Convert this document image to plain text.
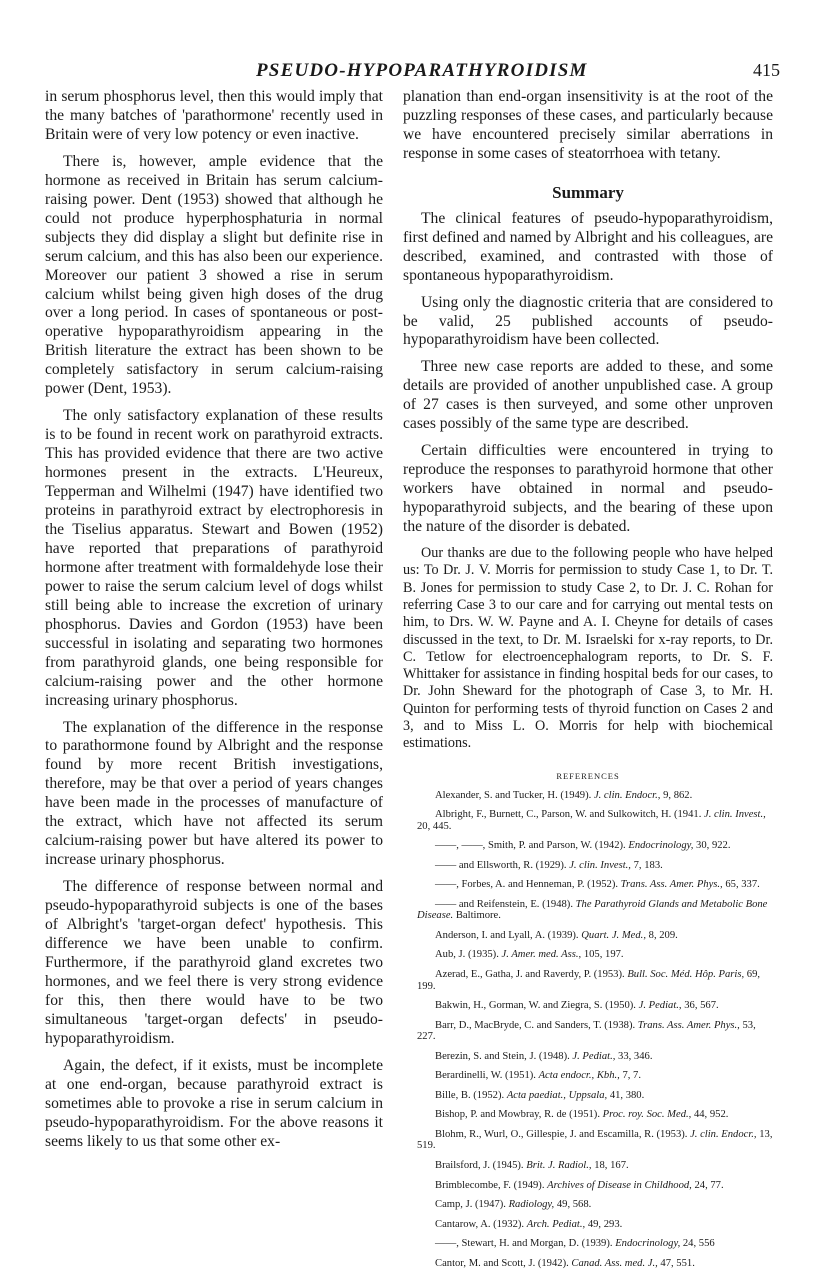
PSEUDO-HYPOPARATHYROIDISM	415

in serum phosphorus level, then this would imply that the many batches of 'parathormone' recently used in Britain were of very low potency or even inactive.

There is, however, ample evidence that the hormone as received in Britain has serum calcium-raising power. Dent (1953) showed that although he could not produce hyperphosphaturia in normal subjects they did display a slight but definite rise in serum calcium, and this has also been our experience. Moreover our patient 3 showed a rise in serum calcium whilst being given high doses of the drug over a long period. In cases of spontaneous or post-operative hypoparathyroidism appearing in the British literature the extract has been shown to be completely satisfactory in serum calcium-raising power (Dent, 1953).

The only satisfactory explanation of these results is to be found in recent work on parathyroid extracts. This has provided evidence that there are two active hormones present in the extracts. L'Heureux, Tepperman and Wilhelmi (1947) have identified two proteins in parathyroid extract by electrophoresis in the Tiselius apparatus. Stewart and Bowen (1952) have reported that preparations of parathyroid hormone after treatment with formaldehyde lose their power to raise the serum calcium level of dogs whilst still being able to increase the excretion of urinary phosphorus. Davies and Gordon (1953) have been successful in isolating and separating two hormones from parathyroid glands, one being responsible for calcium-raising power and the other hormone increasing urinary phosphorus.

The explanation of the difference in the response to parathormone found by Albright and the response found by more recent British investigations, therefore, may be that over a period of years changes have been made in the processes of manufacture of the extract, which have not affected its serum calcium-raising power but have altered its power to increase urinary phosphorus.

The difference of response between normal and pseudo-hypoparathyroid subjects is one of the bases of Albright's 'target-organ defect' hypothesis. This difference we have been unable to confirm. Furthermore, if the parathyroid gland excretes two hormones, and we feel there is very strong evidence for this, then there would have to be two simultaneous 'target-organ defects' in pseudo-hypoparathyroidism.

Again, the defect, if it exists, must be incomplete at one end-organ, because parathyroid extract is sometimes able to provoke a rise in serum calcium in pseudo-hypoparathyroidism. For the above reasons it seems likely to us that some other ex-

planation than end-organ insensitivity is at the root of the puzzling responses of these cases, and particularly because we have encountered precisely similar aberrations in response in some cases of steatorrhoea with tetany.

Summary

The clinical features of pseudo-hypoparathyroidism, first defined and named by Albright and his colleagues, are described, examined, and contrasted with those of spontaneous hypoparathyroidism.

Using only the diagnostic criteria that are considered to be valid, 25 published accounts of pseudo-hypoparathyroidism have been collected.

Three new case reports are added to these, and some details are provided of another unpublished case. A group of 27 cases is then surveyed, and some other unproven cases possibly of the same type are described.

Certain difficulties were encountered in trying to reproduce the responses to parathyroid hormone that other workers have obtained in normal and pseudo-hypoparathyroid subjects, and the bearing of these upon the nature of the disorder is debated.

Our thanks are due to the following people who have helped us: To Dr. J. V. Morris for permission to study Case 1, to Dr. T. B. Jones for permission to study Case 2, to Dr. J. C. Rohan for referring Case 3 to our care and for carrying out mental tests on him, to Drs. W. W. Payne and A. I. Cheyne for details of cases discussed in the text, to Dr. M. Israelski for x-ray reports, to Dr. C. Tetlow for electroencephalogram reports, to Dr. S. F. Whittaker for assistance in finding hospital beds for our cases, to Dr. John Sheward for the photograph of Case 3, to Mr. H. Quinton for performing tests of thyroid function on Cases 2 and 3, and to Miss L. O. Morris for help with biochemical estimations.

REFERENCES

Alexander, S. and Tucker, H. (1949). J. clin. Endocr., 9, 862.

Albright, F., Burnett, C., Parson, W. and Sulkowitch, H. (1941. J. clin. Invest., 20, 445.

——, ——, Smith, P. and Parson, W. (1942). Endocrinology, 30, 922.

—— and Ellsworth, R. (1929). J. clin. Invest., 7, 183.

——, Forbes, A. and Henneman, P. (1952). Trans. Ass. Amer. Phys., 65, 337.

—— and Reifenstein, E. (1948). The Parathyroid Glands and Metabolic Bone Disease. Baltimore.

Anderson, I. and Lyall, A. (1939). Quart. J. Med., 8, 209.

Aub, J. (1935). J. Amer. med. Ass., 105, 197.

Azerad, E., Gatha, J. and Raverdy, P. (1953). Bull. Soc. Méd. Hôp. Paris, 69, 199.

Bakwin, H., Gorman, W. and Ziegra, S. (1950). J. Pediat., 36, 567.

Barr, D., MacBryde, C. and Sanders, T. (1938). Trans. Ass. Amer. Phys., 53, 227.

Berezin, S. and Stein, J. (1948). J. Pediat., 33, 346.

Berardinelli, W. (1951). Acta endocr., Kbh., 7, 7.

Bille, B. (1952). Acta paediat., Uppsala, 41, 380.

Bishop, P. and Mowbray, R. de (1951). Proc. roy. Soc. Med., 44, 952.

Blohm, R., Wurl, O., Gillespie, J. and Escamilla, R. (1953). J. clin. Endocr., 13, 519.

Brailsford, J. (1945). Brit. J. Radiol., 18, 167.

Brimblecombe, F. (1949). Archives of Disease in Childhood, 24, 77.

Camp, J. (1947). Radiology, 49, 568.

Cantarow, A. (1932). Arch. Pediat., 49, 293.

——, Stewart, H. and Morgan, D. (1939). Endocrinology, 24, 556

Cantor, M. and Scott, J. (1942). Canad. Ass. med. J., 47, 551.
